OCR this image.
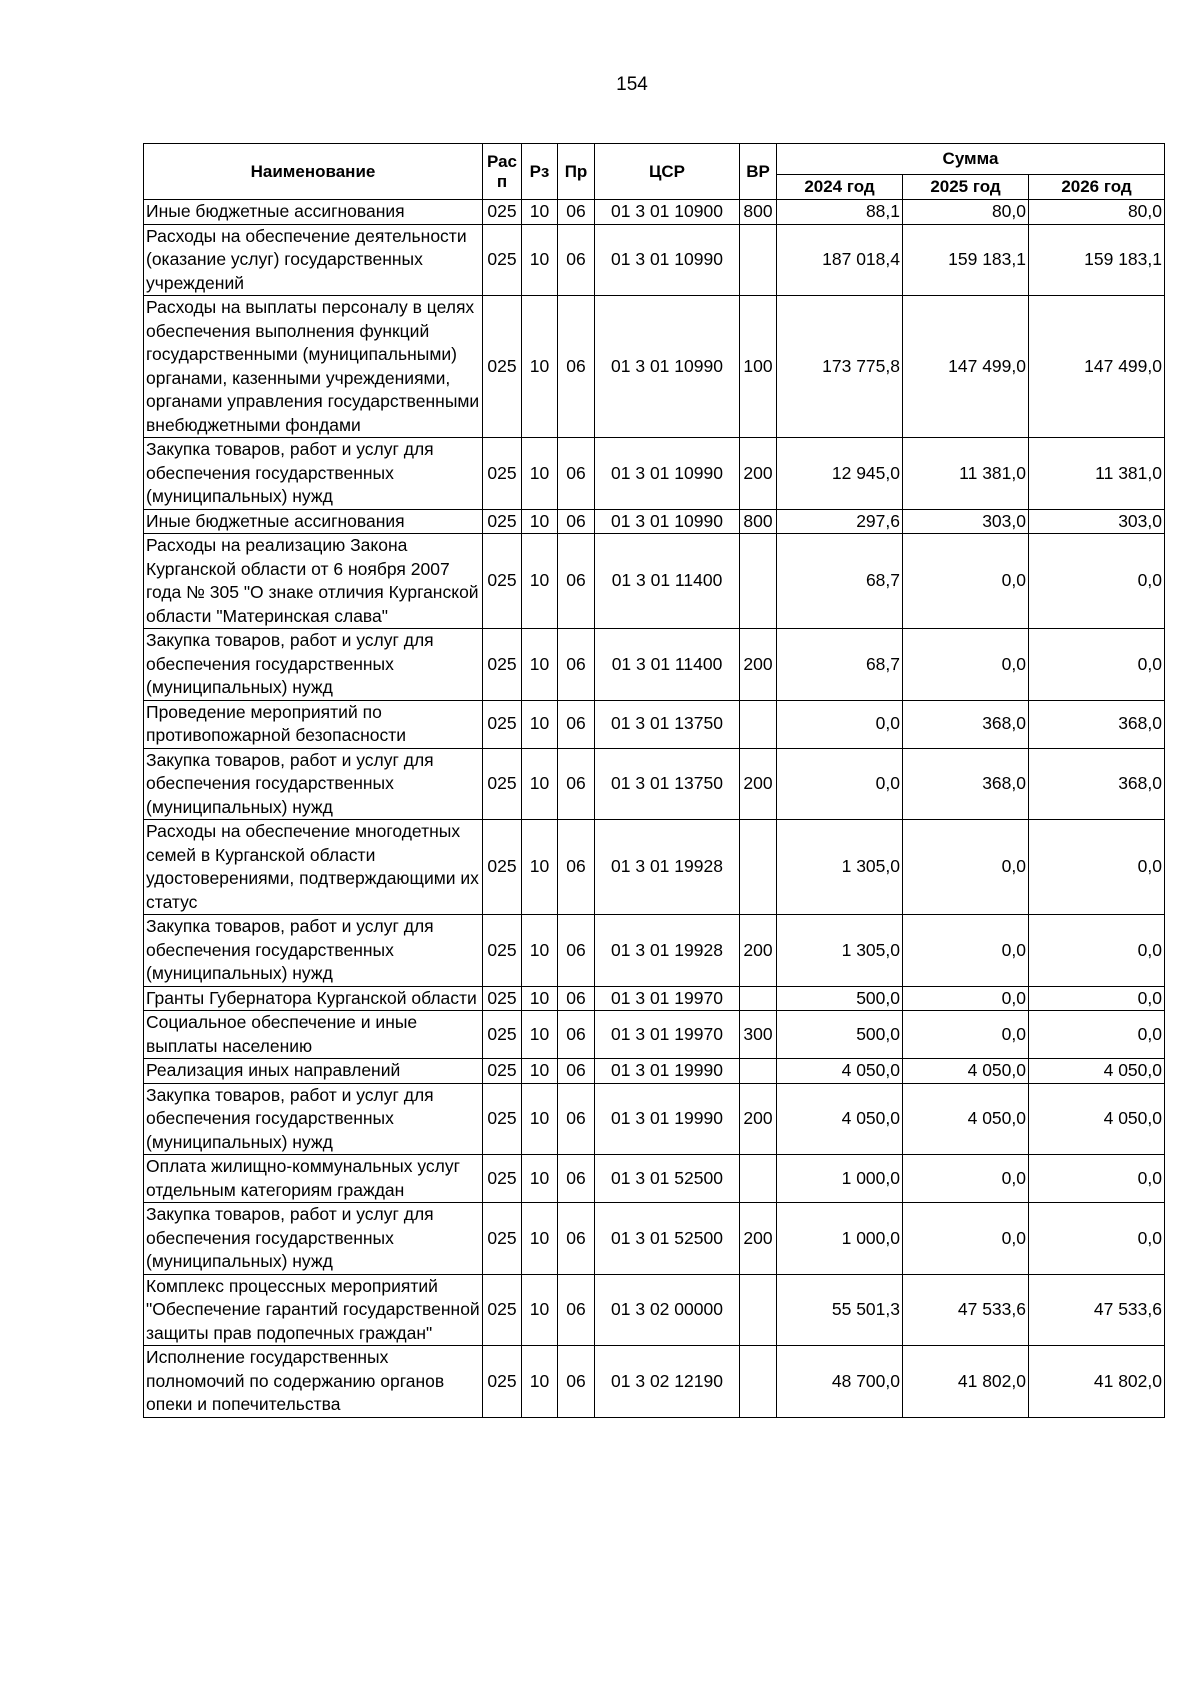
154
Наименование	Рас п	Рз	Пр	ЦСР	ВР	Сумма		
						2024 год	2025 год	2026 год
Иные бюджетные ассигнования	025	10	06	01 3 01 10900	800	88,1	80,0	80,0
Расходы на обеспечение деятельности (оказание услуг) государственных учреждений	025	10	06	01 3 01 10990		187 018,4	159 183,1	159 183,1
Расходы на выплаты персоналу в целях обеспечения выполнения функций государственными (муниципальными) органами, казенными учреждениями, органами управления государственными внебюджетными фондами	025	10	06	01 3 01 10990	100	173 775,8	147 499,0	147 499,0
Закупка товаров, работ и услуг для обеспечения государственных (муниципальных) нужд	025	10	06	01 3 01 10990	200	12 945,0	11 381,0	11 381,0
Иные бюджетные ассигнования	025	10	06	01 3 01 10990	800	297,6	303,0	303,0
Расходы на реализацию Закона Курганской области от 6 ноября 2007 года № 305 "О знаке отличия Курганской области "Материнская слава"	025	10	06	01 3 01 11400		68,7	0,0	0,0
Закупка товаров, работ и услуг для обеспечения государственных (муниципальных) нужд	025	10	06	01 3 01 11400	200	68,7	0,0	0,0
Проведение мероприятий по противопожарной безопасности	025	10	06	01 3 01 13750		0,0	368,0	368,0
Закупка товаров, работ и услуг для обеспечения государственных (муниципальных) нужд	025	10	06	01 3 01 13750	200	0,0	368,0	368,0
Расходы на обеспечение многодетных семей в Курганской области удостоверениями, подтверждающими их статус	025	10	06	01 3 01 19928		1 305,0	0,0	0,0
Закупка товаров, работ и услуг для обеспечения государственных (муниципальных) нужд	025	10	06	01 3 01 19928	200	1 305,0	0,0	0,0
Гранты Губернатора Курганской области	025	10	06	01 3 01 19970		500,0	0,0	0,0
Социальное обеспечение и иные выплаты населению	025	10	06	01 3 01 19970	300	500,0	0,0	0,0
Реализация иных направлений	025	10	06	01 3 01 19990		4 050,0	4 050,0	4 050,0
Закупка товаров, работ и услуг для обеспечения государственных (муниципальных) нужд	025	10	06	01 3 01 19990	200	4 050,0	4 050,0	4 050,0
Оплата жилищно-коммунальных услуг отдельным категориям граждан	025	10	06	01 3 01 52500		1 000,0	0,0	0,0
Закупка товаров, работ и услуг для обеспечения государственных (муниципальных) нужд	025	10	06	01 3 01 52500	200	1 000,0	0,0	0,0
Комплекс процессных мероприятий "Обеспечение гарантий государственной защиты прав подопечных граждан"	025	10	06	01 3 02 00000		55 501,3	47 533,6	47 533,6
Исполнение государственных полномочий по содержанию органов опеки и попечительства	025	10	06	01 3 02 12190		48 700,0	41 802,0	41 802,0
